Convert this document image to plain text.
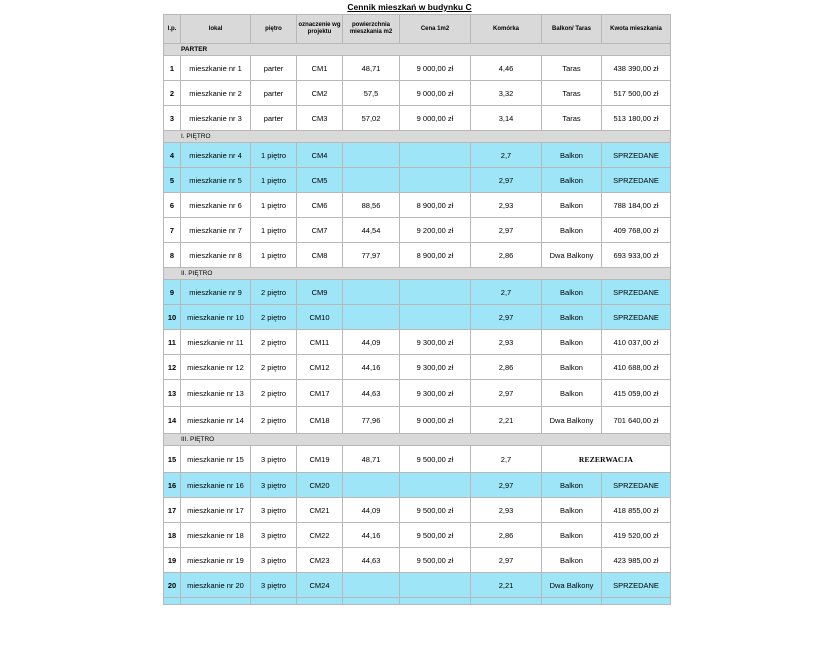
Cennik mieszkań w budynku C
l.p.	lokal	piętro	oznaczenie wg projektu	powierzchnia mieszkania m2	Cena 1m2	Komórka	Balkon/ Taras	Kwota mieszkania
PARTER								
1	mieszkanie nr 1	parter	CM1	48,71	9 000,00 zł	4,46	Taras	438 390,00 zł
2	mieszkanie nr 2	parter	CM2	57,5	9 000,00 zł	3,32	Taras	517 500,00 zł
3	mieszkanie nr 3	parter	CM3	57,02	9 000,00 zł	3,14	Taras	513 180,00 zł
I. PIĘTRO								
4	mieszkanie nr 4	1 piętro	CM4			2,7	Balkon	SPRZEDANE
5	mieszkanie nr 5	1 piętro	CM5			2,97	Balkon	SPRZEDANE
6	mieszkanie nr 6	1 piętro	CM6	88,56	8 900,00 zł	2,93	Balkon	788 184,00 zł
7	mieszkanie nr 7	1 piętro	CM7	44,54	9 200,00 zł	2,97	Balkon	409 768,00 zł
8	mieszkanie nr 8	1 piętro	CM8	77,97	8 900,00 zł	2,86	Dwa Balkony	693 933,00 zł
II. PIĘTRO								
9	mieszkanie nr 9	2 piętro	CM9			2,7	Balkon	SPRZEDANE
10	mieszkanie nr 10	2 piętro	CM10			2,97	Balkon	SPRZEDANE
11	mieszkanie nr 11	2 piętro	CM11	44,09	9 300,00 zł	2,93	Balkon	410 037,00 zł
12	mieszkanie nr 12	2 piętro	CM12	44,16	9 300,00 zł	2,86	Balkon	410 688,00 zł
13	mieszkanie nr 13	2 piętro	CM17	44,63	9 300,00 zł	2,97	Balkon	415 059,00 zł
14	mieszkanie nr 14	2 piętro	CM18	77,96	9 000,00 zł	2,21	Dwa Balkony	701 640,00 zł
III. PIĘTRO								
15	mieszkanie nr 15	3 piętro	CM19	48,71	9 500,00 zł	2,7	REZERWACJA	
16	mieszkanie nr 16	3 piętro	CM20			2,97	Balkon	SPRZEDANE
17	mieszkanie nr 17	3 piętro	CM21	44,09	9 500,00 zł	2,93	Balkon	418 855,00 zł
18	mieszkanie nr 18	3 piętro	CM22	44,16	9 500,00 zł	2,86	Balkon	419 520,00 zł
19	mieszkanie nr 19	3 piętro	CM23	44,63	9 500,00 zł	2,97	Balkon	423 985,00 zł
20	mieszkanie nr 20	3 piętro	CM24			2,21	Dwa Balkony	SPRZEDANE
